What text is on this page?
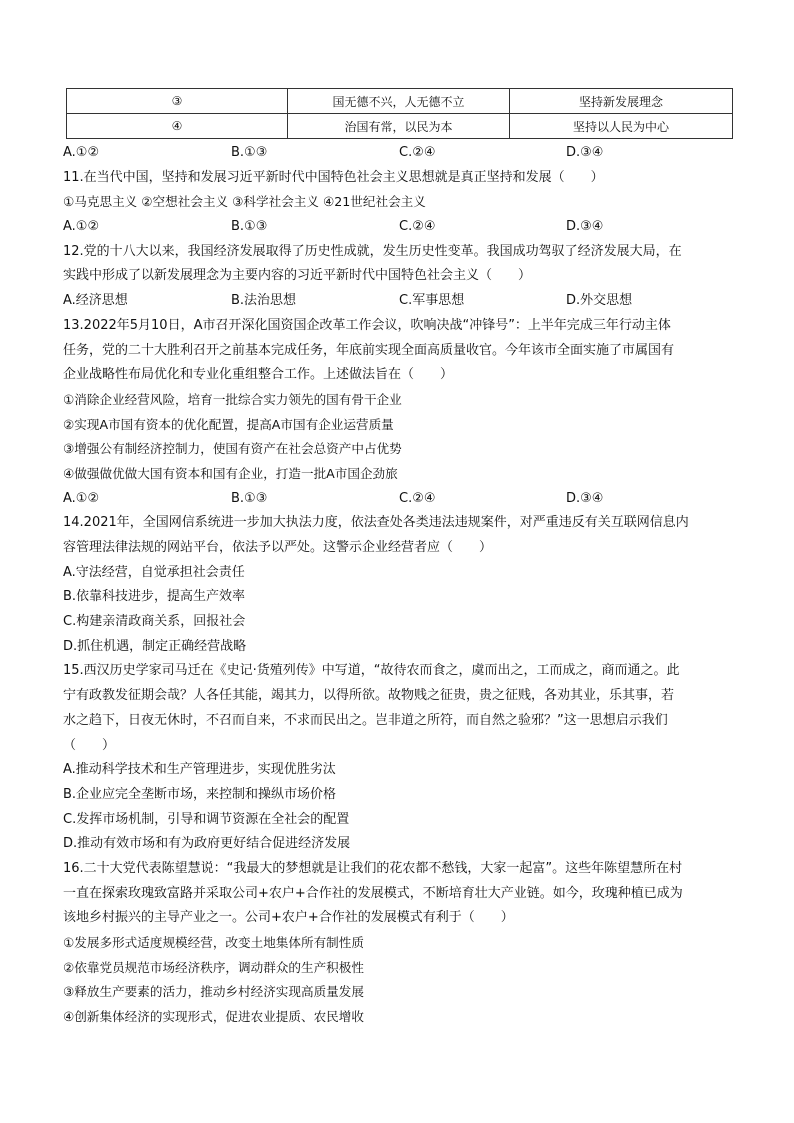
③	国无德不兴，人无德不立	坚持新发展理念
④	治国有常，以民为本	坚持以人民为中心
A.①②	B.①③	C.②④	D.③④
11.在当代中国，坚持和发展习近平新时代中国特色社会主义思想就是真正坚持和发展（　　）
①马克思主义 ②空想社会主义 ③科学社会主义 ④21世纪社会主义
A.①②	B.①③	C.②④	D.③④
12.党的十八大以来，我国经济发展取得了历史性成就，发生历史性变革。我国成功驾驭了经济发展大局，在
实践中形成了以新发展理念为主要内容的习近平新时代中国特色社会主义（　　）
A.经济思想	B.法治思想	C.军事思想	D.外交思想
13.2022年5月10日，A市召开深化国资国企改革工作会议，吹响决战“冲锋号”：上半年完成三年行动主体
任务，党的二十大胜利召开之前基本完成任务，年底前实现全面高质量收官。今年该市全面实施了市属国有
企业战略性布局优化和专业化重组整合工作。上述做法旨在（　　）
①消除企业经营风险，培育一批综合实力领先的国有骨干企业
②实现A市国有资本的优化配置，提高A市国有企业运营质量
③增强公有制经济控制力，使国有资产在社会总资产中占优势
④做强做优做大国有资本和国有企业，打造一批A市国企劲旅
A.①②	B.①③	C.②④	D.③④
14.2021年，全国网信系统进一步加大执法力度，依法查处各类违法违规案件，对严重违反有关互联网信息内
容管理法律法规的网站平台，依法予以严处。这警示企业经营者应（　　）
A.守法经营，自觉承担社会责任
B.依靠科技进步，提高生产效率
C.构建亲清政商关系，回报社会
D.抓住机遇，制定正确经营战略
15.西汉历史学家司马迁在《史记·货殖列传》中写道，“故待农而食之，虞而出之，工而成之，商而通之。此
宁有政教发征期会哉？人各任其能，竭其力，以得所欲。故物贱之征贵，贵之征贱，各劝其业，乐其事，若
水之趋下，日夜无休时，不召而自来，不求而民出之。岂非道之所符，而自然之验邪？”这一思想启示我们
（　　）
A.推动科学技术和生产管理进步，实现优胜劣汰
B.企业应完全垄断市场，来控制和操纵市场价格
C.发挥市场机制，引导和调节资源在全社会的配置
D.推动有效市场和有为政府更好结合促进经济发展
16.二十大党代表陈望慧说：“我最大的梦想就是让我们的花农都不愁钱，大家一起富”。这些年陈望慧所在村
一直在探索玫瑰致富路并采取公司+农户+合作社的发展模式，不断培育壮大产业链。如今，玫瑰种植已成为
该地乡村振兴的主导产业之一。公司+农户+合作社的发展模式有利于（　　）
①发展多形式适度规模经营，改变土地集体所有制性质
②依靠党员规范市场经济秩序，调动群众的生产积极性
③释放生产要素的活力，推动乡村经济实现高质量发展
④创新集体经济的实现形式，促进农业提质、农民增收
